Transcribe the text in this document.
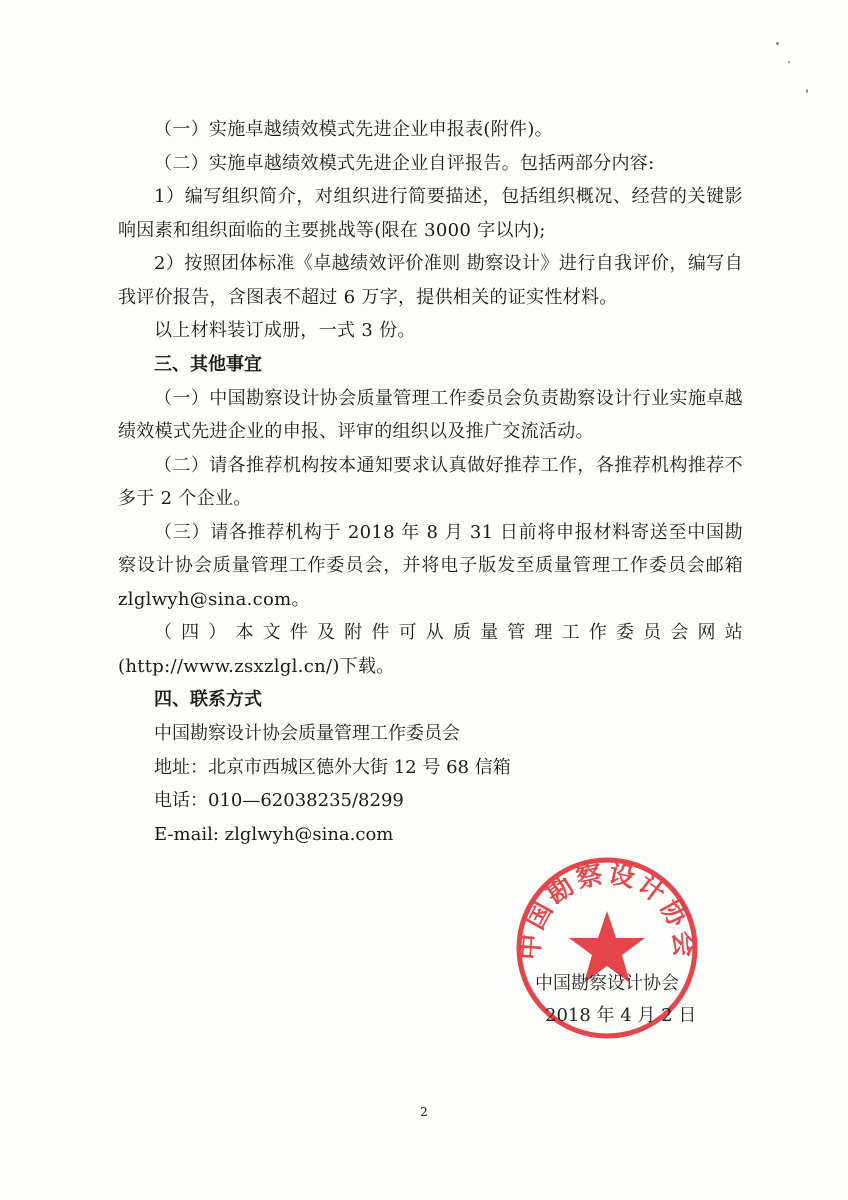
（一）实施卓越绩效模式先进企业申报表(附件)。

（二）实施卓越绩效模式先进企业自评报告。包括两部分内容:

1）编写组织简介，对组织进行简要描述，包括组织概况、经营的关键影响因素和组织面临的主要挑战等(限在 3000 字以内);

2）按照团体标准《卓越绩效评价准则 勘察设计》进行自我评价，编写自我评价报告，含图表不超过 6 万字，提供相关的证实性材料。

以上材料装订成册，一式 3 份。

三、其他事宜

（一）中国勘察设计协会质量管理工作委员会负责勘察设计行业实施卓越绩效模式先进企业的申报、评审的组织以及推广交流活动。

（二）请各推荐机构按本通知要求认真做好推荐工作，各推荐机构推荐不多于 2 个企业。

（三）请各推荐机构于 2018 年 8 月 31 日前将申报材料寄送至中国勘察设计协会质量管理工作委员会，并将电子版发至质量管理工作委员会邮箱 zlglwyh@sina.com。

（四）本文件及附件可从质量管理工作委员会网站(http://www.zsxzlgl.cn/)下载。

四、联系方式

中国勘察设计协会质量管理工作委员会

地址：北京市西城区德外大街 12 号 68 信箱

电话：010—62038235/8299

E-mail: zlglwyh@sina.com

中国勘察设计协会
中国勘察设计协会
2018 年 4 月 2 日
2
